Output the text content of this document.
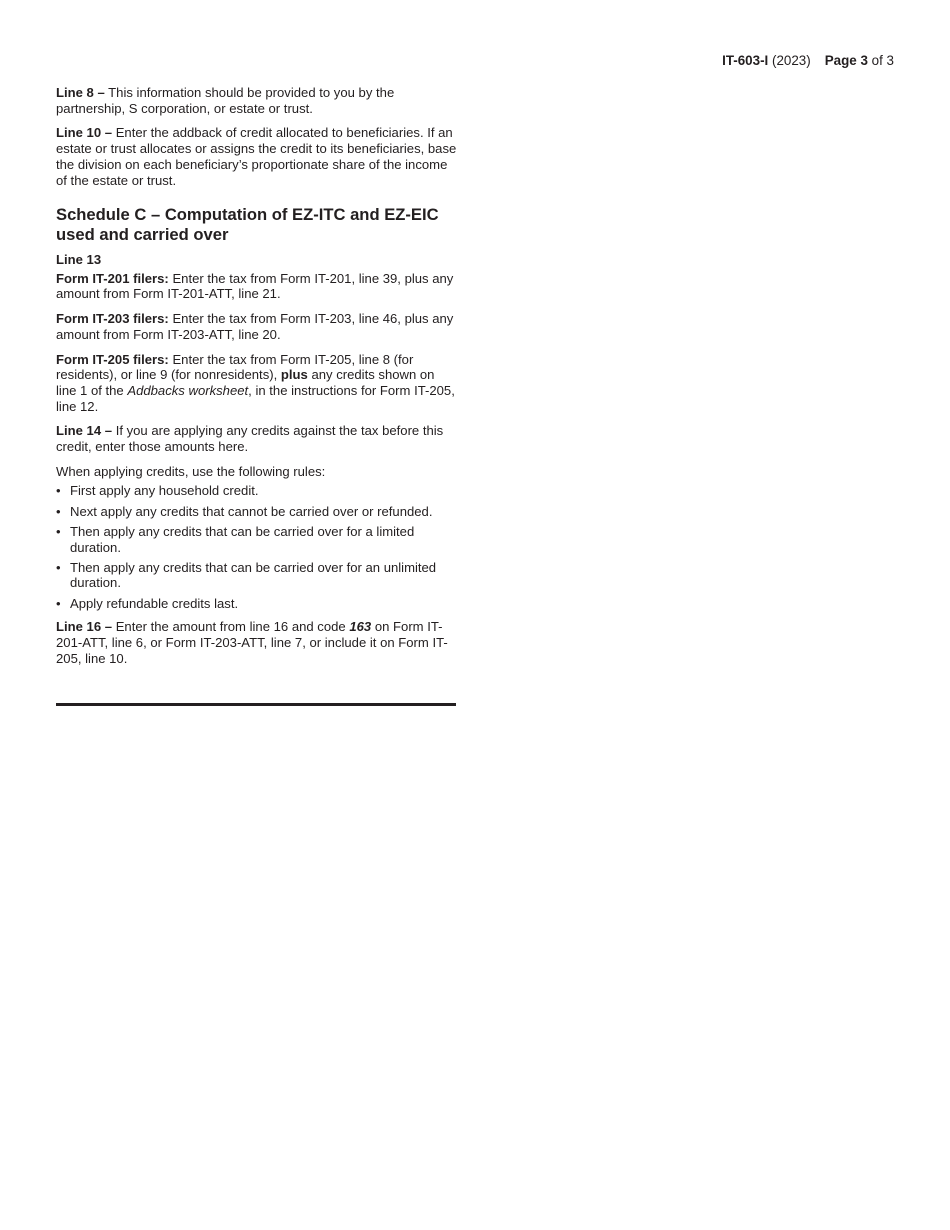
IT-603-I (2023) Page 3 of 3

Line 8 – This information should be provided to you by the partnership, S corporation, or estate or trust.

Line 10 – Enter the addback of credit allocated to beneficiaries. If an estate or trust allocates or assigns the credit to its beneficiaries, base the division on each beneficiary’s proportionate share of the income of the estate or trust.

Schedule C – Computation of EZ-ITC and EZ-EIC used and carried over

Line 13

Form IT-201 filers: Enter the tax from Form IT-201, line 39, plus any amount from Form IT-201-ATT, line 21.

Form IT-203 filers: Enter the tax from Form IT-203, line 46, plus any amount from Form IT-203-ATT, line 20.

Form IT-205 filers: Enter the tax from Form IT-205, line 8 (for residents), or line 9 (for nonresidents), plus any credits shown on line 1 of the Addbacks worksheet, in the instructions for Form IT-205, line 12.

Line 14 – If you are applying any credits against the tax before this credit, enter those amounts here.

When applying credits, use the following rules:

• First apply any household credit.
• Next apply any credits that cannot be carried over or refunded.
• Then apply any credits that can be carried over for a limited duration.
• Then apply any credits that can be carried over for an unlimited duration.
• Apply refundable credits last.

Line 16 – Enter the amount from line 16 and code 163 on Form IT-201-ATT, line 6, or Form IT-203-ATT, line 7, or include it on Form IT-205, line 10.
